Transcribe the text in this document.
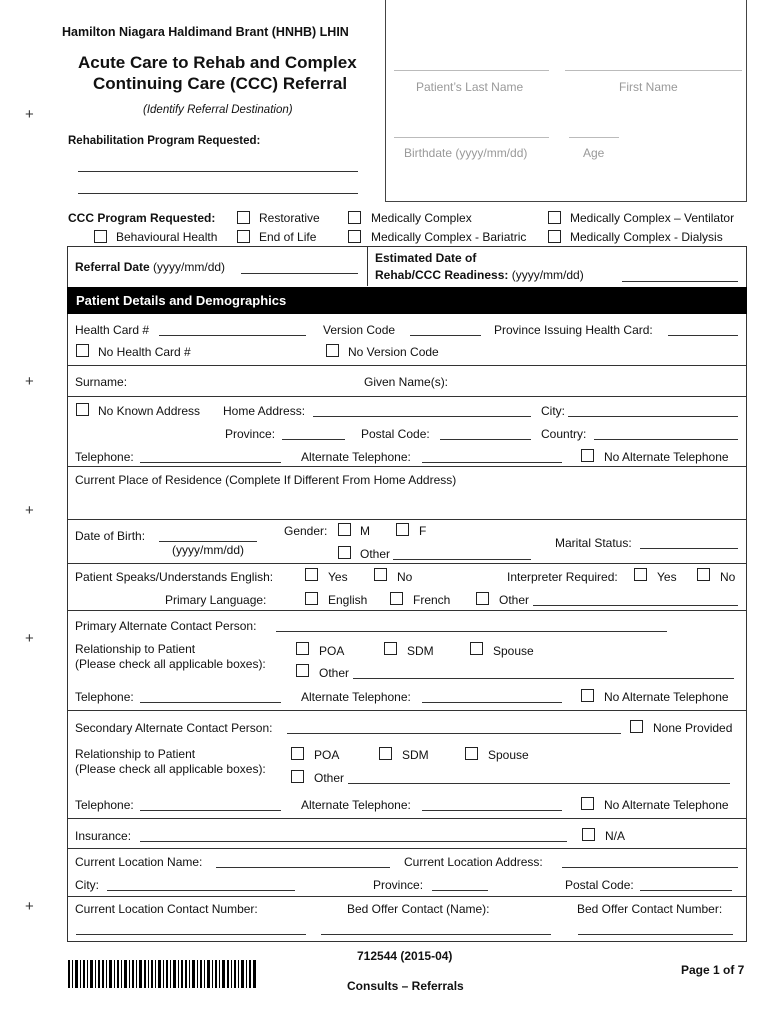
+
+
+
+
+
Hamilton Niagara Haldimand Brant (HNHB) LHIN
Acute Care to Rehab and Complex
Continuing Care (CCC) Referral
(Identify Referral Destination)
Rehabilitation Program Requested:
Patient’s Last Name	First Name
Birthdate (yyyy/mm/dd)	Age
CCC Program Requested:	Restorative	Medically Complex	Medically Complex – Ventilator
Behavioural Health	End of Life	Medically Complex - Bariatric	Medically Complex - Dialysis
Referral Date (yyyy/mm/dd)
Estimated Date of
Rehab/CCC Readiness: (yyyy/mm/dd)
Patient Details and Demographics
Health Card #	Version Code	Province Issuing Health Card:
No Health Card #	No Version Code
Surname:	Given Name(s):
No Known Address Home Address:	City:
Province:	Postal Code:	Country:
Telephone:	Alternate Telephone:	No Alternate Telephone
Current Place of Residence (Complete If Different From Home Address)
Date of Birth:
(yyyy/mm/dd)
Gender:	M	F
Other
Marital Status:
Patient Speaks/Understands English:	Yes	No	Interpreter Required:	Yes	No
Primary Language:	English	French	Other
Primary Alternate Contact Person:
Relationship to Patient
(Please check all applicable boxes):
POA	SDM	Spouse
Other
Telephone:	Alternate Telephone:	No Alternate Telephone
Secondary Alternate Contact Person:	None Provided
Relationship to Patient
(Please check all applicable boxes):
POA	SDM	Spouse
Other
Telephone:	Alternate Telephone:	No Alternate Telephone
Insurance:	N/A
Current Location Name:	Current Location Address:
City:	Province:	Postal Code:
Current Location Contact Number:	Bed Offer Contact (Name):	Bed Offer Contact Number:
712544 (2015-04)
Consults – Referrals
Page 1 of 7
